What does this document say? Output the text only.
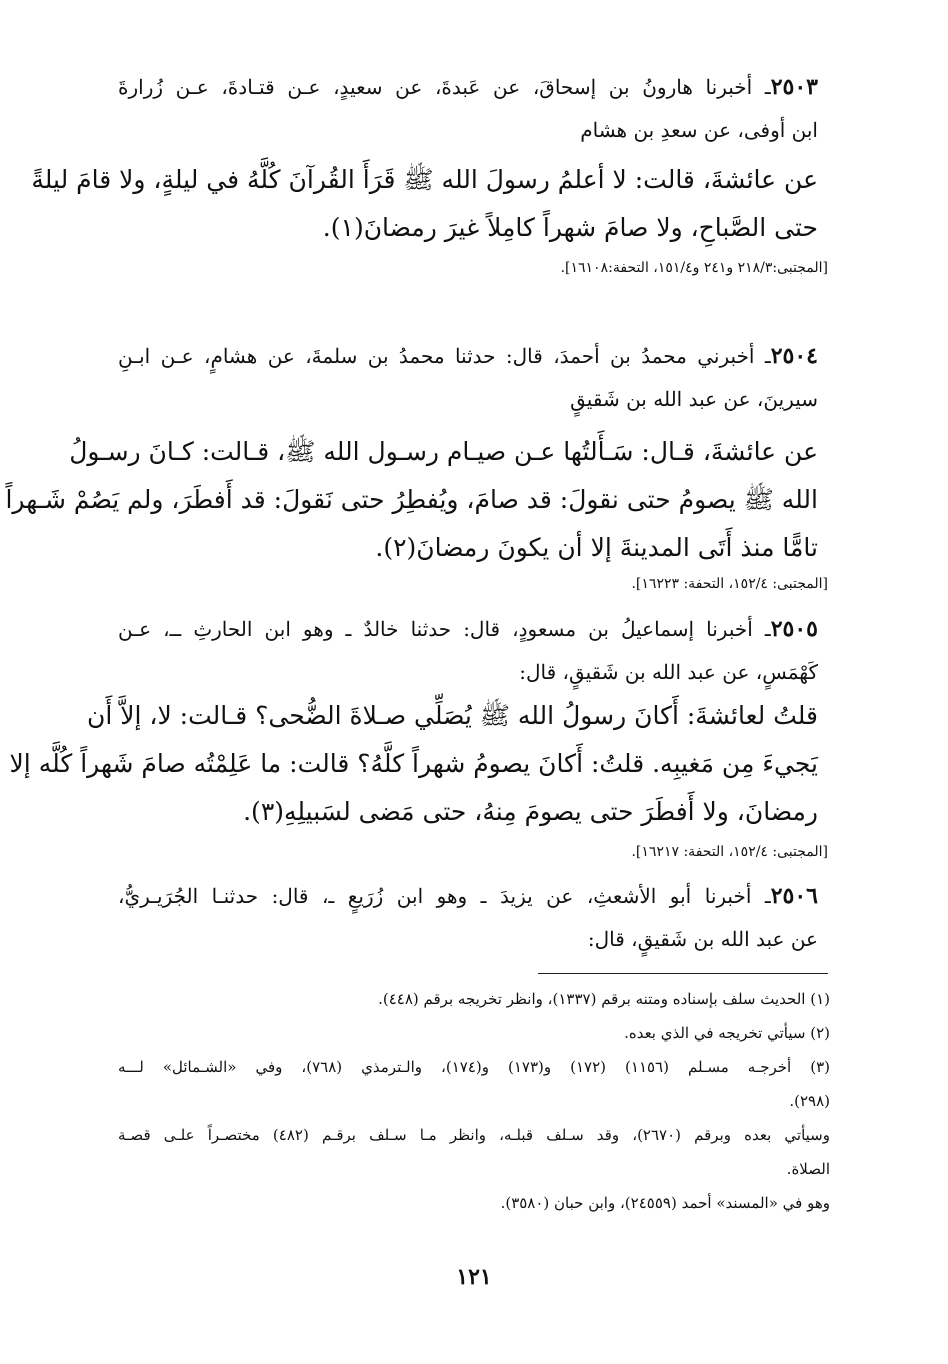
٢٥٠٣ـ أخبرنا هارونُ بن إسحاقَ، عن عَبدةَ، عن سعيدٍ، عـن قتـادةَ، عـن زُرارةَ
ابن أوفى، عن سعدِ بن هشام
عن عائشةَ، قالت: لا أعلمُ رسولَ الله ﷺ قَرَأَ القُرآنَ كُلَّهُ في ليلةٍ، ولا قامَ ليلةً
حتى الصَّباحِ، ولا صامَ شهراً كامِلاً غيرَ رمضانَ(١).
[المجتبى:٢١٨/٣ و٢٤١ و١٥١/٤، التحفة:١٦١٠٨].
٢٥٠٤ـ أخبرني محمدُ بن أحمدَ، قال: حدثنا محمدُ بن سلمةَ، عن هشامٍ، عـن ابـنِ
سيرينَ، عن عبد الله بن شَقيقٍ
عن عائشةَ، قـال: سَـأَلتُها عـن صيـام رسـول الله ﷺ، قـالت: كـانَ رسـولُ
الله ﷺ يصومُ حتى نقولَ: قد صامَ، ويُفطِرُ حتى نَقولَ: قد أَفطَرَ، ولم يَصُمْ شَـهراً
تامًّا منذ أَتَى المدينةَ إلا أن يكونَ رمضانَ(٢).
[المجتبى: ١٥٢/٤، التحفة: ١٦٢٢٣].
٢٥٠٥ـ أخبرنا إسماعيلُ بن مسعودٍ، قال: حدثنا خالدٌ ـ وهو ابن الحارثِ ــ، عـن
كَهْمَسٍ، عن عبد الله بن شَقيقٍ، قال:
قلتُ لعائشةَ: أَكانَ رسولُ الله ﷺ يُصَلِّي صـلاةَ الضُّحى؟ قـالت: لا، إلاَّ أَن
يَجيءَ مِن مَغيبِه. قلتُ: أَكانَ يصومُ شهراً كلَّهُ؟ قالت: ما عَلِمْتُه صامَ شَهراً كُلَّه إلا
رمضانَ، ولا أَفطَرَ حتى يصومَ مِنهُ، حتى مَضى لسَبيلِهِ(٣).
[المجتبى: ١٥٢/٤، التحفة: ١٦٢١٧].
٢٥٠٦ـ أخبرنا أبو الأشعثِ، عن يزيدَ ـ وهو ابن زُرَيعٍ ـ، قال: حدثنـا الجُرَيـريُّ،
عن عبد الله بن شَقيقٍ، قال:
(١) الحديث سلف بإسناده ومتنه برقم (١٣٣٧)، وانظر تخريجه برقم (٤٤٨).
(٢) سيأتي تخريجه في الذي بعده.
(٣) أخرجـه مسـلم (١١٥٦) (١٧٢) و(١٧٣) و(١٧٤)، والـترمذي (٧٦٨)، وفي «الشـمائل» لـــه
(٢٩٨).
وسيأتي بعده وبرقم (٢٦٧٠)، وقد سـلف قبلـه، وانظر مـا سـلف برقـم (٤٨٢) مختصـراً علـى قصـة
الصلاة.
وهو في «المسند» أحمد (٢٤٥٥٩)، وابن حبان (٣٥٨٠).
١٢١
